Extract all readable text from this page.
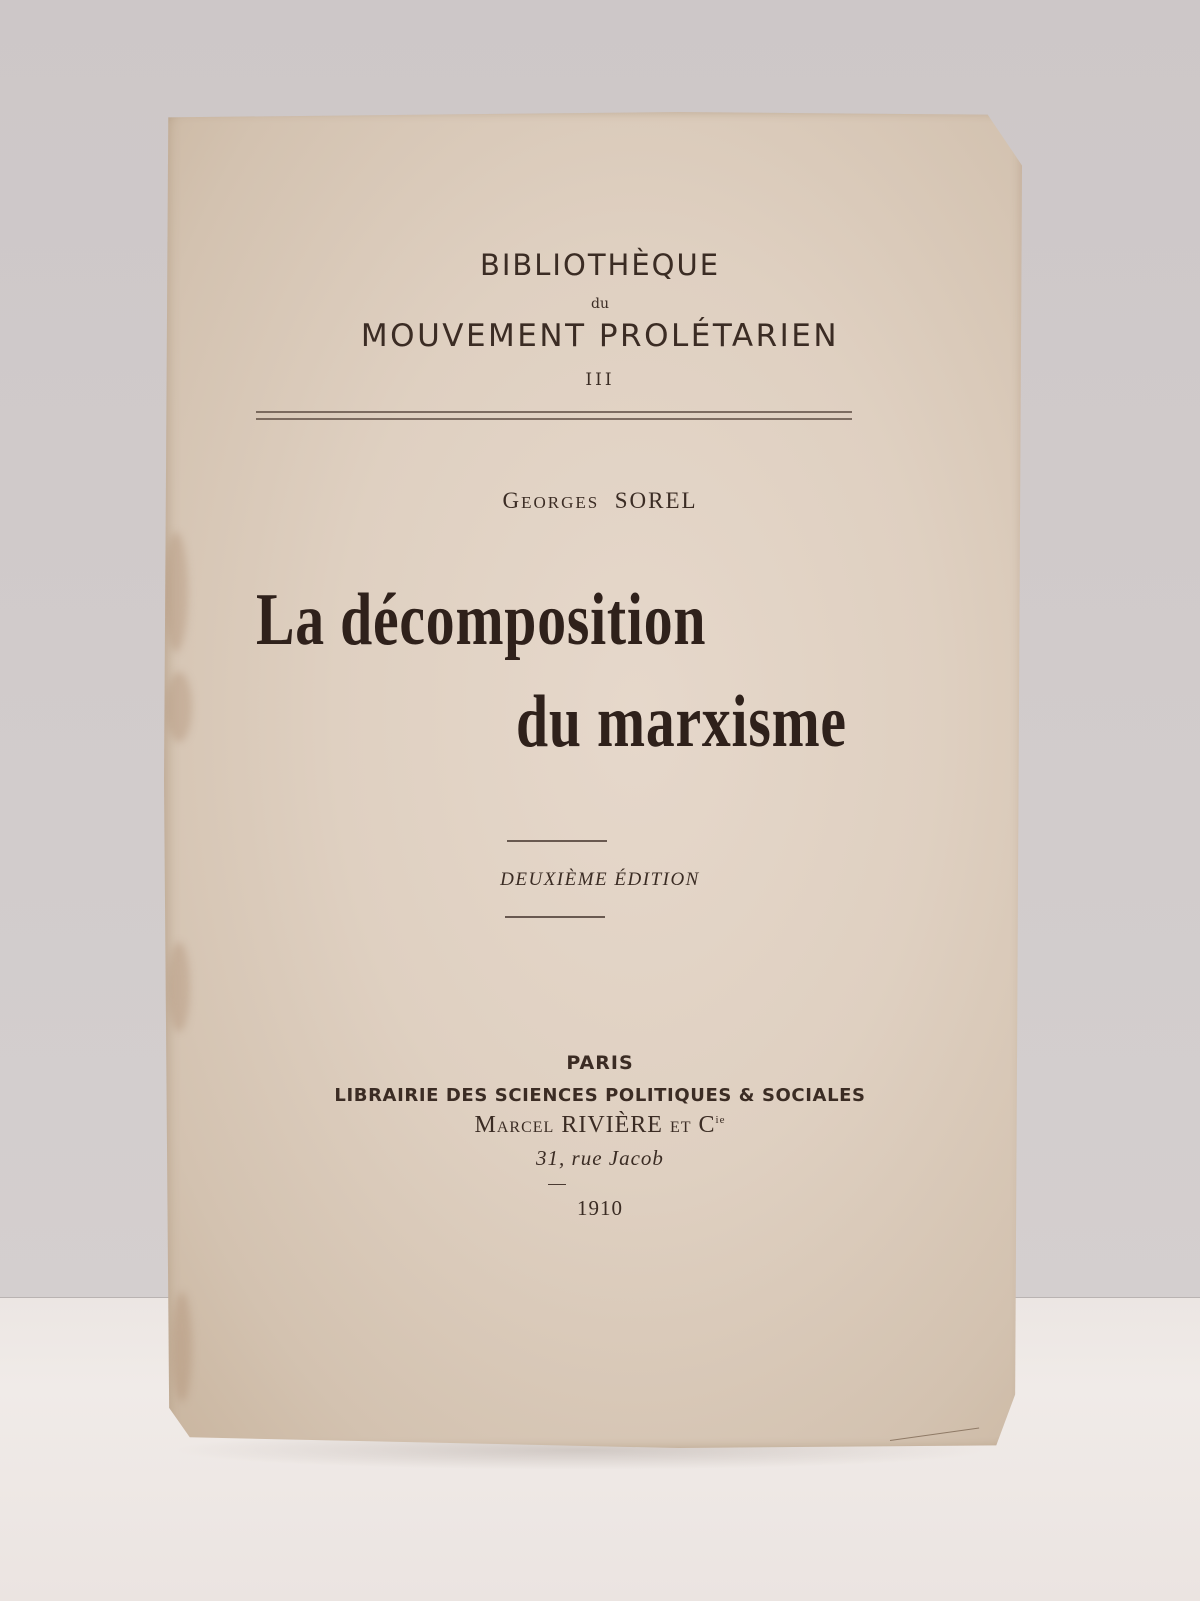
BIBLIOTHÈQUE
du
MOUVEMENT PROLÉTARIEN
III
GEORGES SOREL
La décomposition
du marxisme
DEUXIÈME ÉDITION
PARIS
LIBRAIRIE DES SCIENCES POLITIQUES & SOCIALES
MARCEL RIVIÈRE ET $C^{ie}$
31, rue Jacob
1910
